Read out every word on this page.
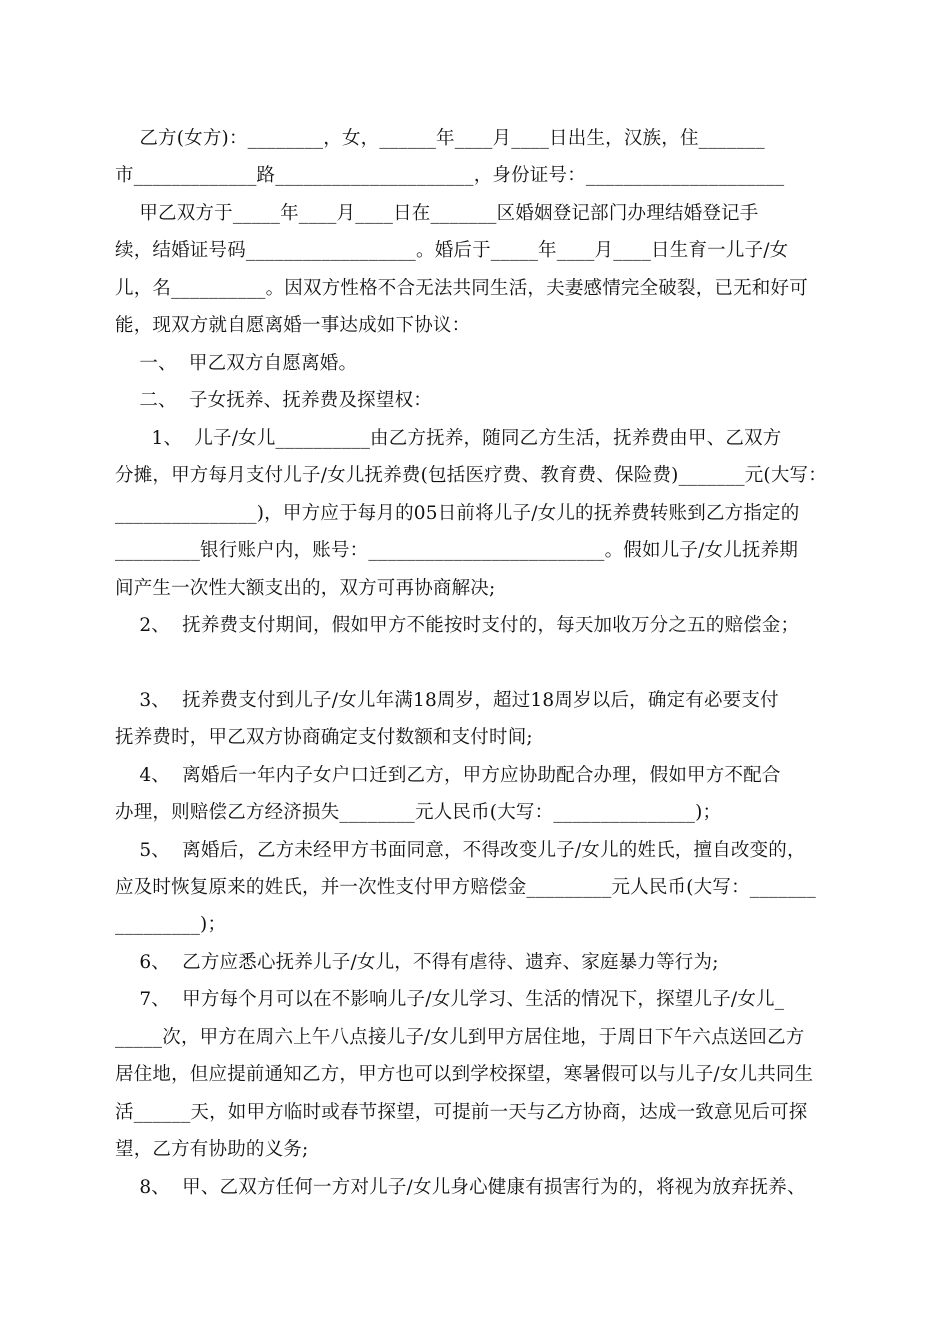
乙方(女方)：________，女，______年____月____日出生，汉族，住_______
市_____________路_____________________，身份证号：_____________________
甲乙双方于_____年____月____日在_______区婚姻登记部门办理结婚登记手
续，结婚证号码__________________。婚后于_____年____月____日生育一儿子/女
儿，名__________。因双方性格不合无法共同生活，夫妻感情完全破裂，已无和好可
能，现双方就自愿离婚一事达成如下协议：
一、  甲乙双方自愿离婚。
二、  子女抚养、抚养费及探望权：
1、  儿子/女儿__________由乙方抚养，随同乙方生活，抚养费由甲、乙双方
分摊，甲方每月支付儿子/女儿抚养费(包括医疗费、教育费、保险费)_______元(大写：
_______________)，甲方应于每月的05日前将儿子/女儿的抚养费转账到乙方指定的
_________银行账户内，账号：_________________________。假如儿子/女儿抚养期
间产生一次性大额支出的，双方可再协商解决;
2、  抚养费支付期间，假如甲方不能按时支付的，每天加收万分之五的赔偿金；
3、  抚养费支付到儿子/女儿年满18周岁，超过18周岁以后，确定有必要支付
抚养费时，甲乙双方协商确定支付数额和支付时间;
4、  离婚后一年内子女户口迁到乙方，甲方应协助配合办理，假如甲方不配合
办理，则赔偿乙方经济损失________元人民币(大写：_______________)；
5、  离婚后，乙方未经甲方书面同意，不得改变儿子/女儿的姓氏，擅自改变的，
应及时恢复原来的姓氏，并一次性支付甲方赔偿金_________元人民币(大写：_______
_________)；
6、  乙方应悉心抚养儿子/女儿，不得有虐待、遗弃、家庭暴力等行为;
7、  甲方每个月可以在不影响儿子/女儿学习、生活的情况下，探望儿子/女儿_
_____次，甲方在周六上午八点接儿子/女儿到甲方居住地，于周日下午六点送回乙方
居住地，但应提前通知乙方，甲方也可以到学校探望，寒暑假可以与儿子/女儿共同生
活______天，如甲方临时或春节探望，可提前一天与乙方协商，达成一致意见后可探
望，乙方有协助的义务;
8、  甲、乙双方任何一方对儿子/女儿身心健康有损害行为的，将视为放弃抚养、
